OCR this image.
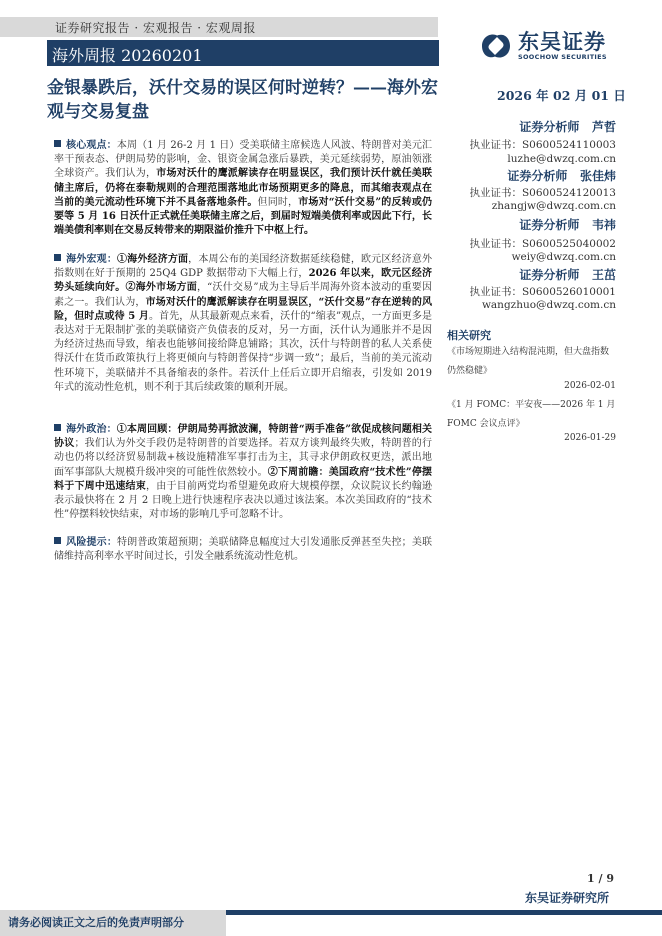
证券研究报告 · 宏观报告 · 宏观周报
海外周报 20260201
东吴证券
SOOCHOW SECURITIES
金银暴跌后，沃什交易的误区何时逆转？——海外宏观与交易复盘
2026 年 02 月 01 日
证券分析师 芦哲
执业证书：S0600524110003
luzhe@dwzq.com.cn
证券分析师 张佳炜
执业证书：S0600524120013
zhangjw@dwzq.com.cn
证券分析师 韦祎
执业证书：S0600525040002
weiy@dwzq.com.cn
证券分析师 王茁
执业证书：S0600526010001
wangzhuo@dwzq.com.cn
相关研究
《市场短期进入结构混沌期，但大盘指数仍然稳健》
2026-02-01
《1 月 FOMC：平安夜——2026 年 1 月 FOMC 会议点评》
2026-01-29
核心观点：本周（1 月 26-2 月 1 日）受美联储主席候选人风波、特朗普对美元汇率干预表态、伊朗局势的影响，金、银资金属急涨后暴跌，美元延续弱势，原油领涨全球资产。我们认为，市场对沃什的鹰派解读存在明显误区，我们预计沃什就任美联储主席后，仍将在泰勒规则的合理范围落地此市场预期更多的降息，而其缩表观点在当前的美元流动性环境下并不具备落地条件。但同时，市场对“沃什交易”的反转或仍要等 5 月 16 日沃什正式就任美联储主席之后，到届时短端美债利率或因此下行，长端美债利率则在交易反转带来的期限溢价推升下中枢上行。
海外宏观：①海外经济方面，本周公布的美国经济数据延续稳健，欧元区经济意外指数则在好于预期的 25Q4 GDP 数据带动下大幅上行，2026 年以来，欧元区经济势头延续向好。②海外市场方面，“沃什交易”成为主导后半周海外资本波动的重要因素之一。我们认为，市场对沃什的鹰派解读存在明显误区，“沃什交易”存在逆转的风险，但时点或待 5 月。首先，从其最新观点来看，沃什的“缩表”观点，一方面更多是表达对于无限制扩张的美联储资产负债表的反对，另一方面，沃什认为通胀并不是因为经济过热而导致，缩表也能够间接给降息铺路；其次，沃什与特朗普的私人关系使得沃什在货币政策执行上将更倾向与特朗普保持“步调一致”；最后，当前的美元流动性环境下，美联储并不具备缩表的条件。若沃什上任后立即开启缩表，引发如 2019 年式的流动性危机，则不利于其后续政策的顺利开展。
海外政治：①本周回顾：伊朗局势再掀波澜，特朗普“两手准备”欲促成核问题相关协议；我们认为外交手段仍是特朗普的首要选择。若双方谈判最终失败，特朗普的行动也仍将以经济贸易制裁+核设施精准军事打击为主，其寻求伊朗政权更迭，派出地面军事部队大规模升级冲突的可能性依然较小。②下周前瞻：美国政府“技术性”停摆料于下周中迅速结束，由于目前两党均希望避免政府大规模停摆，众议院议长约翰逊表示最快将在 2 月 2 日晚上进行快速程序表决以通过该法案。本次美国政府的“技术性”停摆料较快结束，对市场的影响几乎可忽略不计。
风险提示：特朗普政策超预期；美联储降息幅度过大引发通胀反弹甚至失控；美联储维持高利率水平时间过长，引发全融系统流动性危机。
1 / 9
东吴证券研究所
请务必阅读正文之后的免责声明部分
